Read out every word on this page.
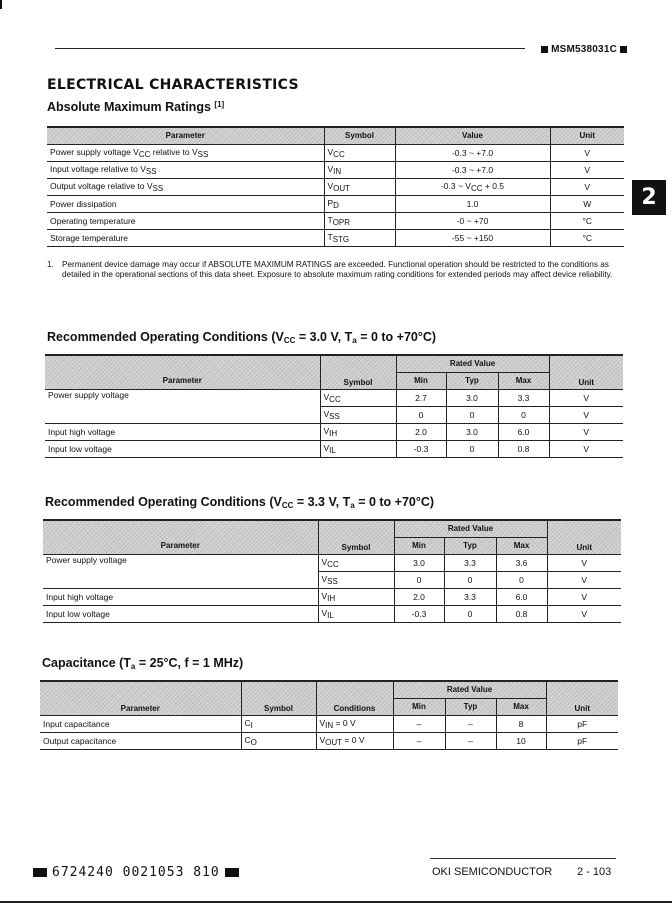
MSM538031C
ELECTRICAL CHARACTERISTICS
2
Absolute Maximum Ratings [1]
Parameter	Symbol	Value	Unit
Power supply voltage $V_{CC}$ relative to $V_{SS}$	$V_{CC}$	-0.3 ~ +7.0	V
Input voltage relative to $V_{SS}$	$V_{IN}$	-0.3 ~ +7.0	V
Output voltage relative to $V_{SS}$	$V_{OUT}$	-0.3 ~ $V_{CC} + 0.5$	V
Power dissipation	$P_D$	1.0	W
Operating temperature	$T_{OPR}$	-0 ~ +70	°C
Storage temperature	$T_{STG}$	-55 ~ +150	°C
1. Permanent device damage may occur if ABSOLUTE MAXIMUM RATINGS are exceeded. Functional operation should be restricted to the conditions as detailed in the operational sections of this data sheet. Exposure to absolute maximum rating conditions for extended periods may affect device reliability.
Recommended Operating Conditions ($V_{CC} = 3.0$ V, $T_a = 0$ to +70°C)
Parameter	Symbol	Rated Value			Unit
		Min	Typ	Max	
Power supply voltage	$V_{CC}$	2.7	3.0	3.3	V
	$V_{SS}$	0	0	0	V
Input high voltage	$V_{IH}$	2.0	3.0	6.0	V
Input low voltage	$V_{IL}$	-0.3	0	0.8	V
Recommended Operating Conditions ($V_{CC} = 3.3$ V, $T_a = 0$ to +70°C)
Parameter	Symbol	Rated Value			Unit
		Min	Typ	Max	
Power supply voltage	$V_{CC}$	3.0	3.3	3.6	V
	$V_{SS}$	0	0	0	V
Input high voltage	$V_{IH}$	2.0	3.3	6.0	V
Input low voltage	$V_{IL}$	-0.3	0	0.8	V
Capacitance ($T_a = 25^\circ C$, f = 1 MHz)
Parameter	Symbol	Conditions	Rated Value			Unit
			Min	Typ	Max	
Input capacitance	$C_I$	$V_{IN} = 0$ V	–	–	8	pF
Output capacitance	$C_O$	$V_{OUT} = 0$ V	–	–	10	pF
6724240 0021053 810	OKI SEMICONDUCTOR 2 - 103
